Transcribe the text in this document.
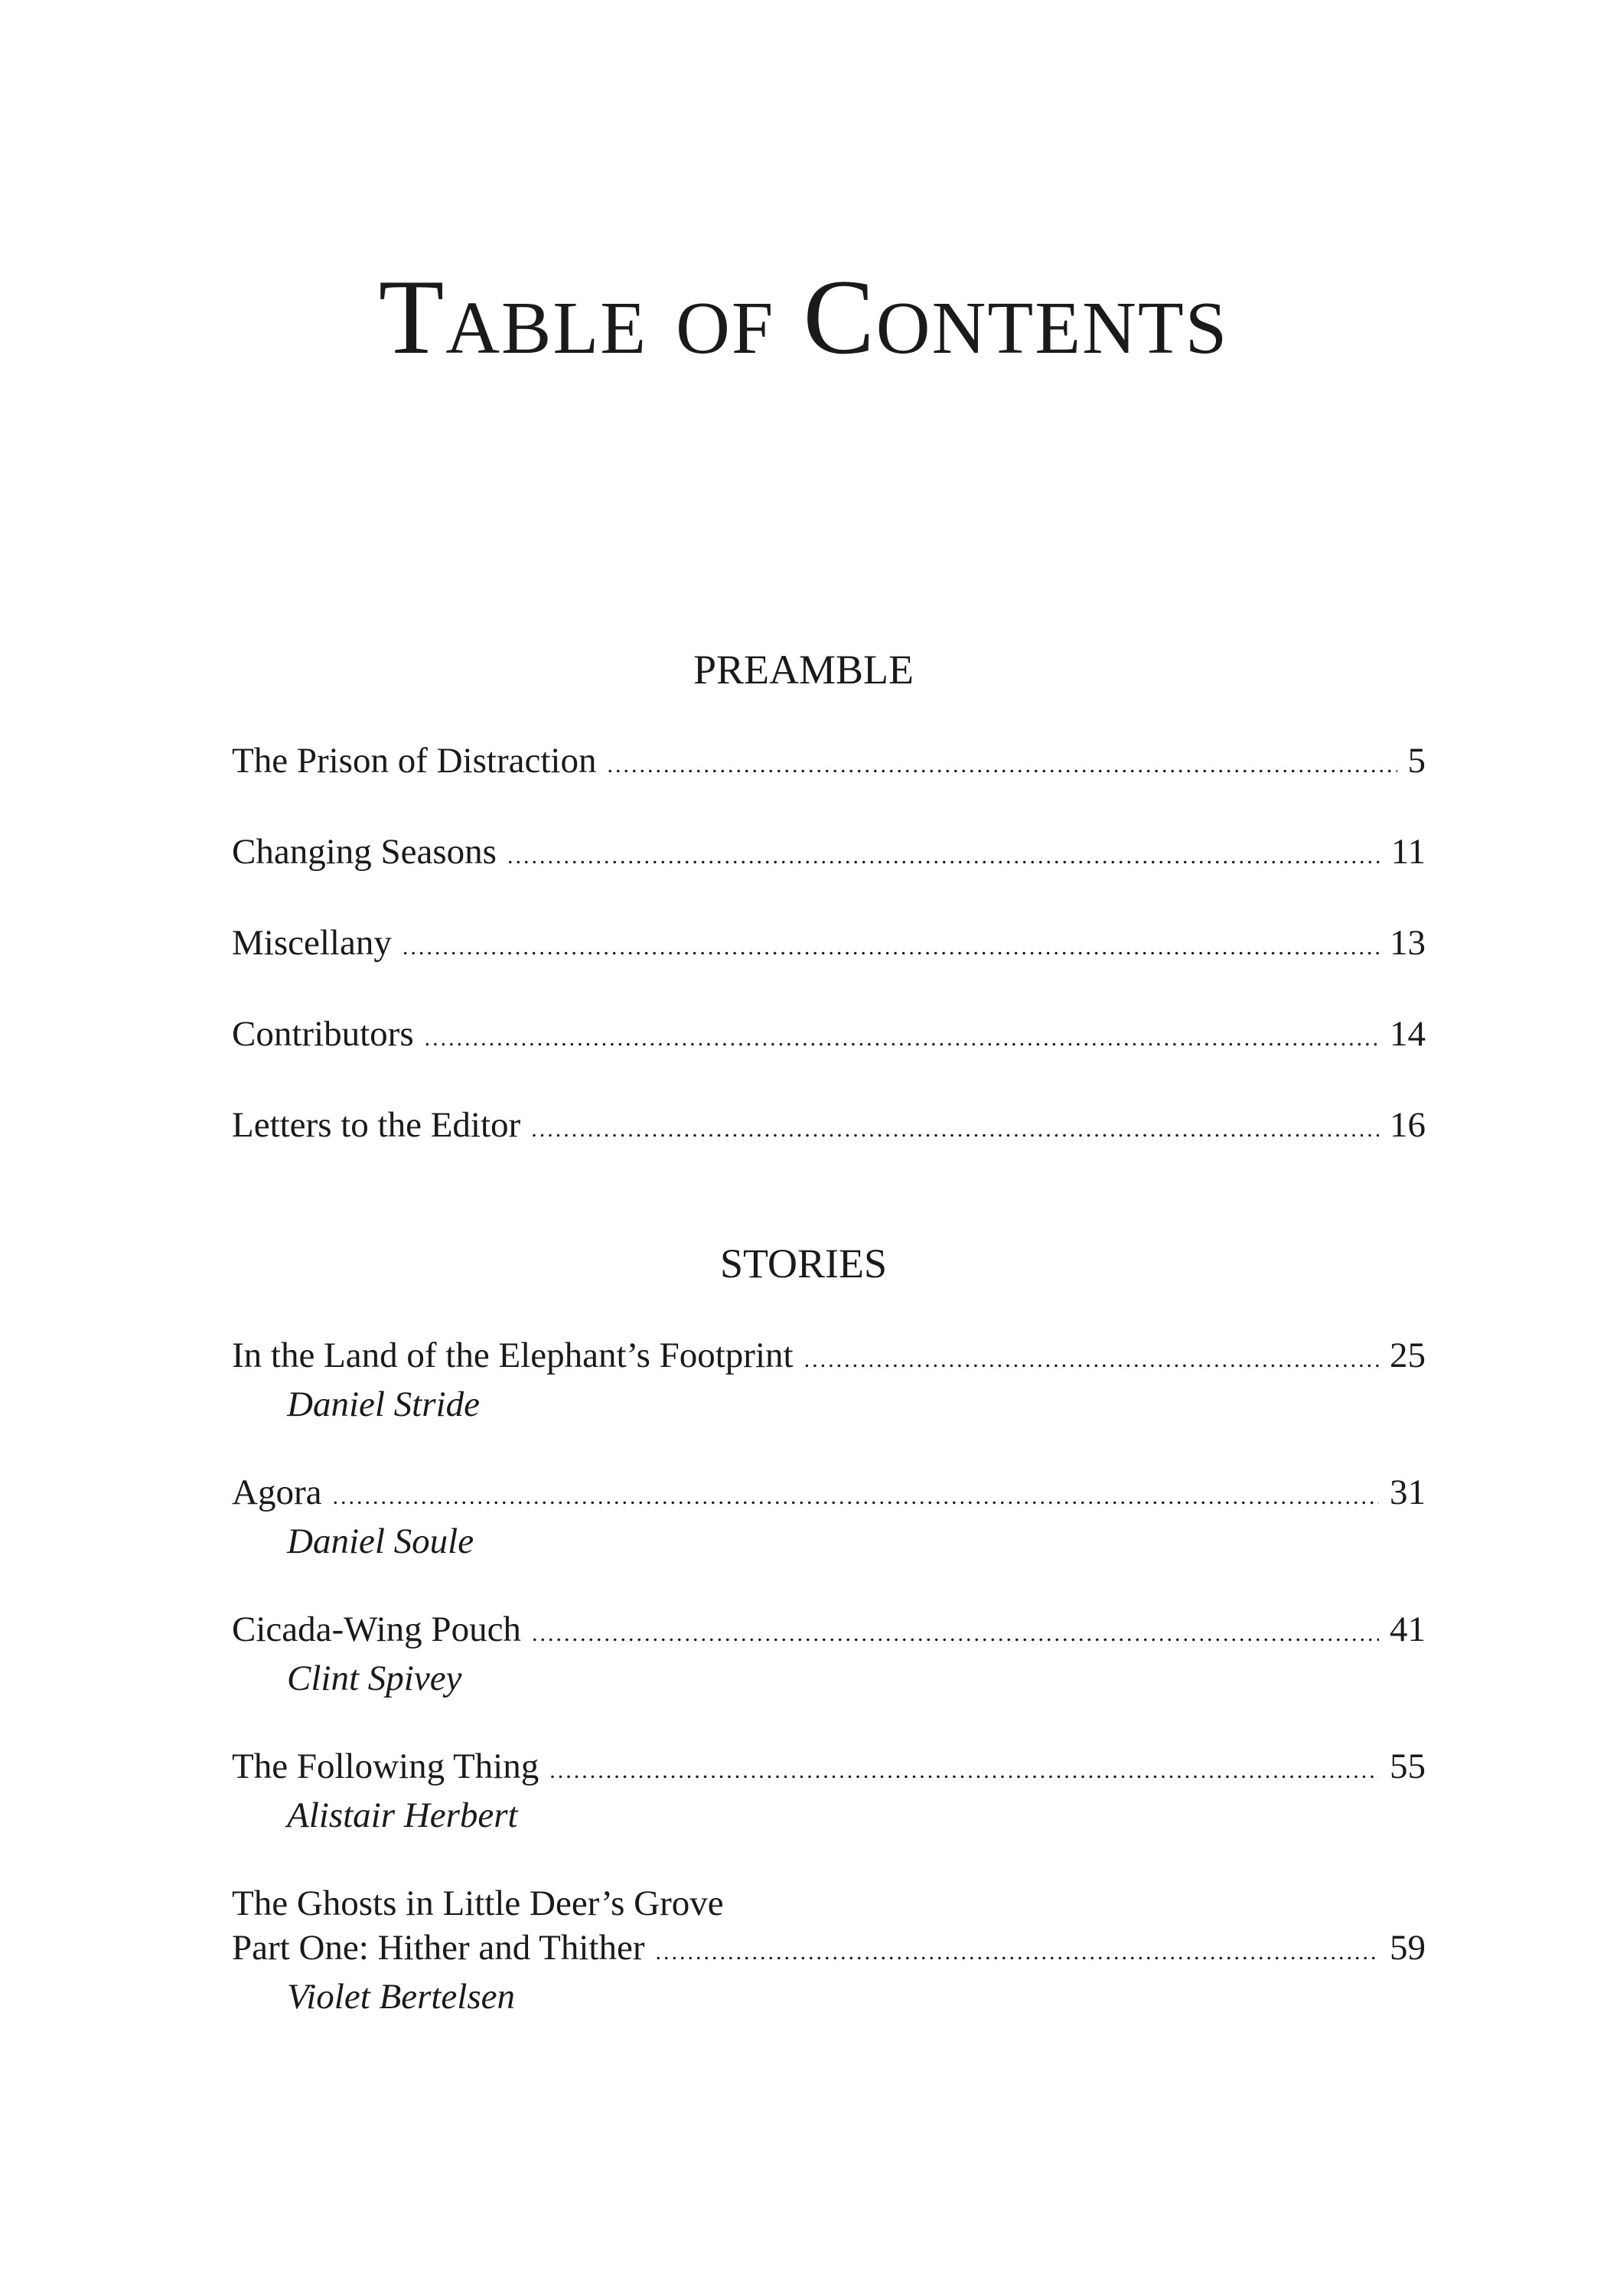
Table of Contents
PREAMBLE
The Prison of Distraction .....	5
Changing Seasons .....	11
Miscellany .....	13
Contributors .....	14
Letters to the Editor .....	16
STORIES
In the Land of the Elephant’s Footprint .....	25
Daniel Stride
Agora .....	31
Daniel Soule
Cicada-Wing Pouch .....	41
Clint Spivey
The Following Thing .....	55
Alistair Herbert
The Ghosts in Little Deer’s Grove
Part One: Hither and Thither .....	59
Violet Bertelsen
